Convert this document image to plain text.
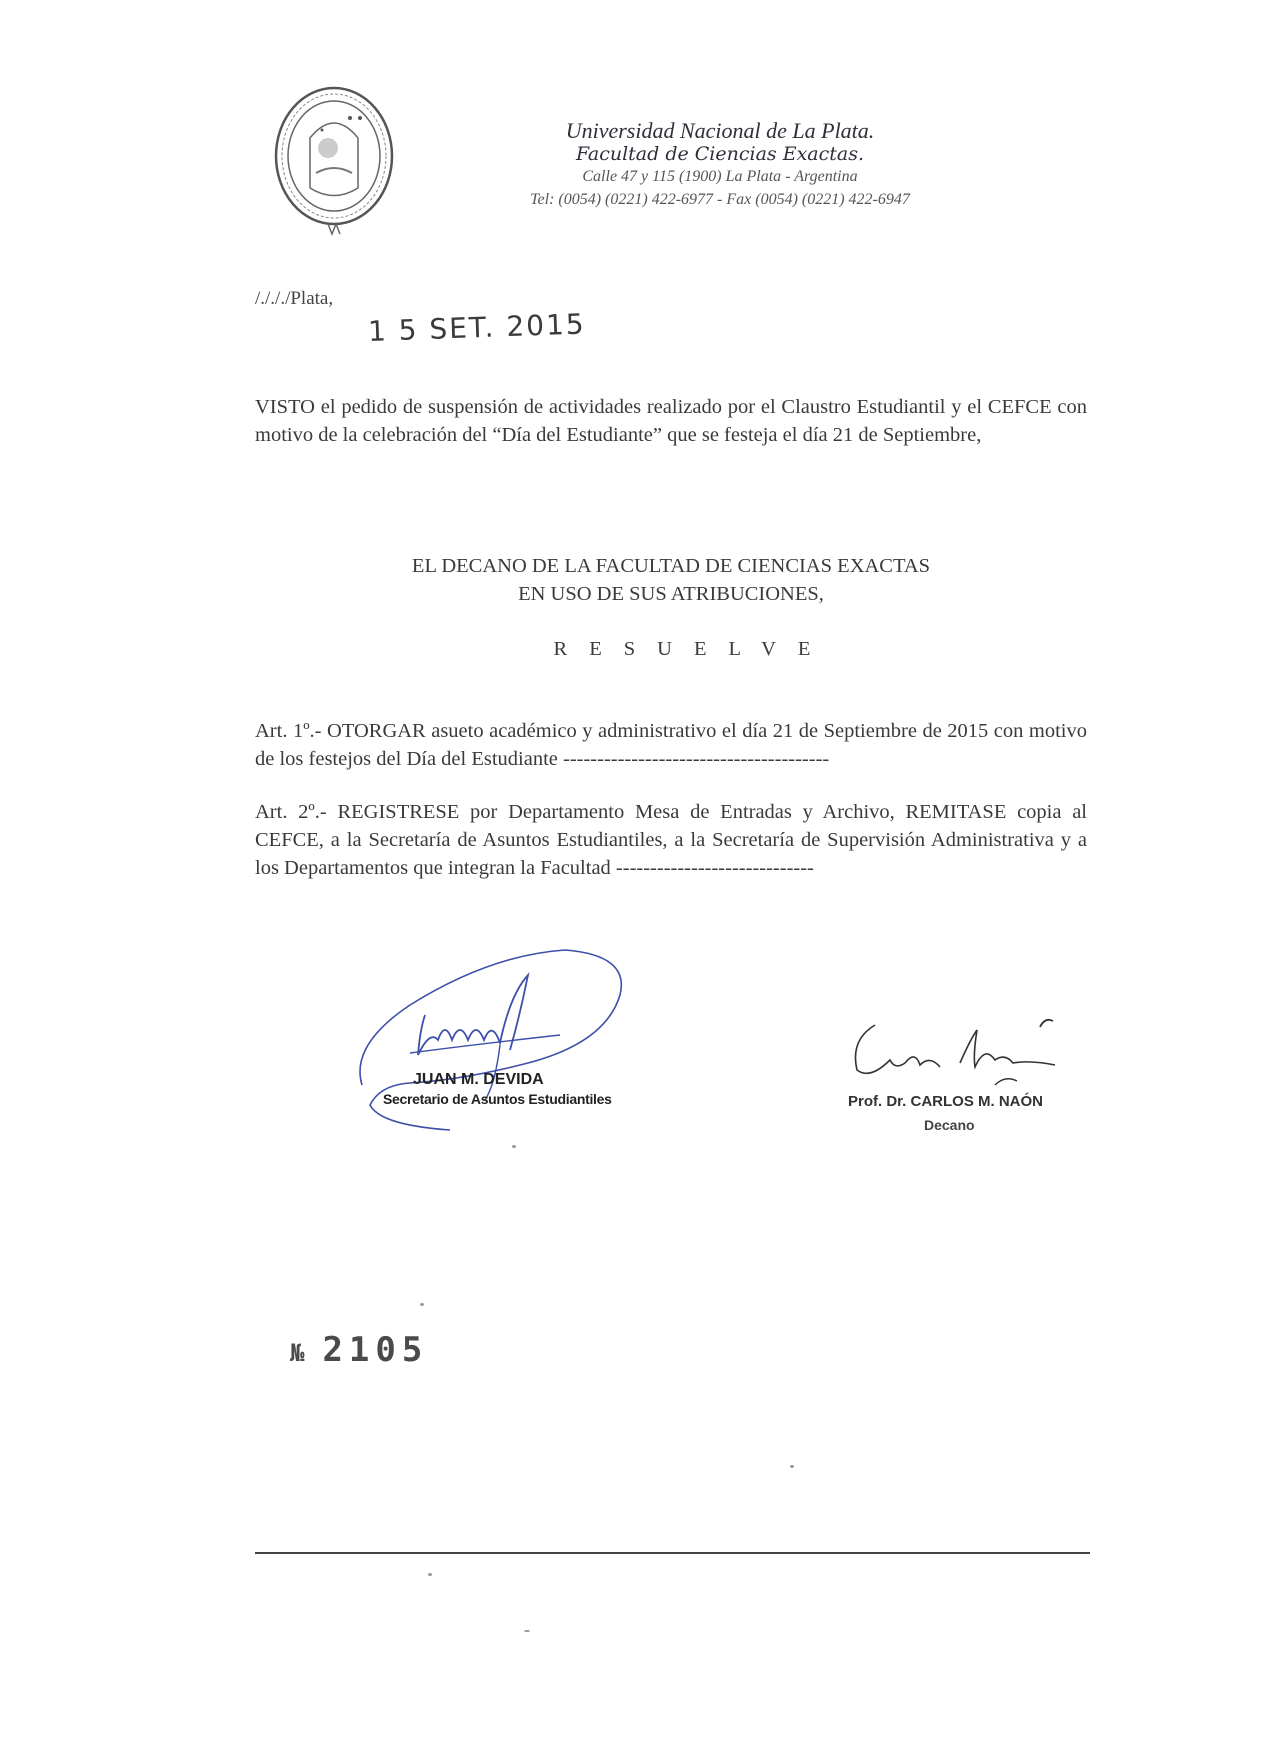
Universidad Nacional de La Plata.
Facultad de Ciencias Exactas.
Calle 47 y 115 (1900) La Plata - Argentina
Tel: (0054) (0221) 422-6977 - Fax (0054) (0221) 422-6947
/./././Plata,
1 5 SET. 2015
VISTO el pedido de suspensión de actividades realizado por el Claustro Estudiantil y el CEFCE con motivo de la celebración del “Día del Estudiante” que se festeja el día 21 de Septiembre,
EL DECANO DE LA FACULTAD DE CIENCIAS EXACTAS
EN USO DE SUS ATRIBUCIONES,
RESUELVE
Art. 1º.- OTORGAR asueto académico y administrativo el día 21 de Septiembre de 2015 con motivo de los festejos del Día del Estudiante ---------------------------------------
Art. 2º.- REGISTRESE por Departamento Mesa de Entradas y Archivo, REMITASE copia al CEFCE, a la Secretaría de Asuntos Estudiantiles, a la Secretaría de Supervisión Administrativa y a los Departamentos que integran la Facultad -----------------------------
JUAN M. DEVIDA
Secretario de Asuntos Estudiantiles	Prof. Dr. CARLOS M. NAÓN
Decano
№ 2105
